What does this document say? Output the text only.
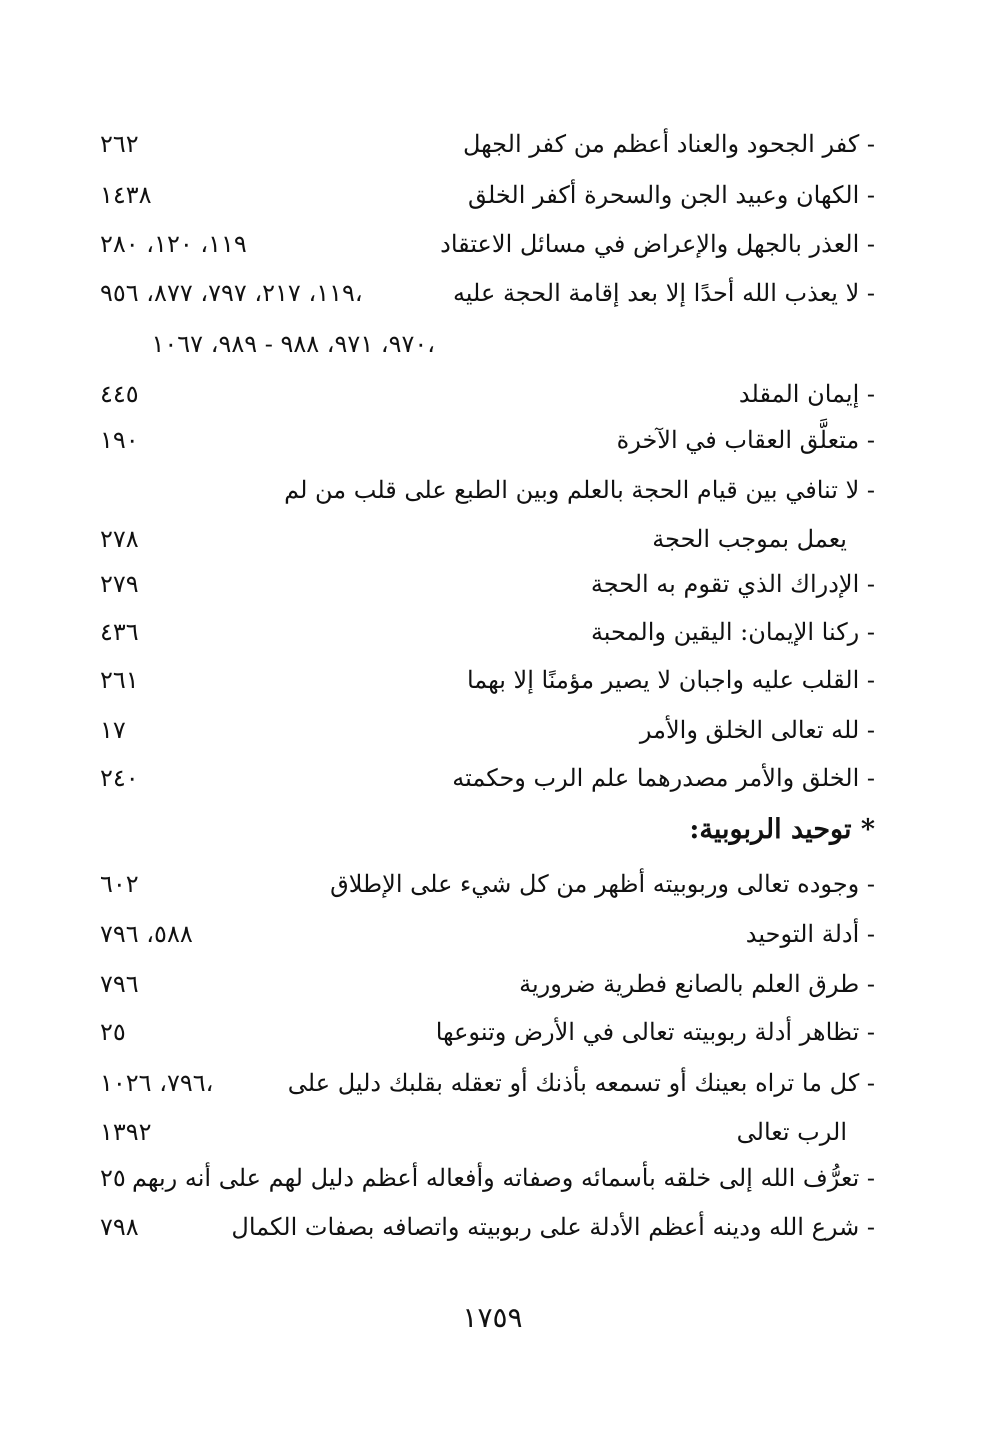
- كفر الجحود والعناد أعظم من كفر الجهل
٢٦٢
- الكهان وعبيد الجن والسحرة أكفر الخلق
١٤٣٨
- العذر بالجهل والإعراض في مسائل الاعتقاد
١١٩، ١٢٠، ٢٨٠
- لا يعذب الله أحدًا إلا بعد إقامة الحجة عليه
١١٩، ٢١٧، ٧٩٧، ٨٧٧، ٩٥٦،
٩٧٠، ٩٧١، ٩٨٨ - ٩٨٩، ١٠٦٧،
- إيمان المقلد
٤٤٥
- متعلَّق العقاب في الآخرة
١٩٠
- لا تنافي بين قيام الحجة بالعلم وبين الطبع على قلب من لم
يعمل بموجب الحجة
٢٧٨
- الإدراك الذي تقوم به الحجة
٢٧٩
- ركنا الإيمان: اليقين والمحبة
٤٣٦
- القلب عليه واجبان لا يصير مؤمنًا إلا بهما
٢٦١
- لله تعالى الخلق والأمر
١٧
- الخلق والأمر مصدرهما علم الرب وحكمته
٢٤٠
* توحيد الربوبية:
- وجوده تعالى وربوبيته أظهر من كل شيء على الإطلاق
٦٠٢
- أدلة التوحيد
٥٨٨، ٧٩٦
- طرق العلم بالصانع فطرية ضرورية
٧٩٦
- تظاهر أدلة ربوبيته تعالى في الأرض وتنوعها
٢٥
- كل ما تراه بعينك أو تسمعه بأذنك أو تعقله بقلبك دليل على
٧٩٦، ١٠٢٦،
الرب تعالى
١٣٩٢
- تعرُّف الله إلى خلقه بأسمائه وصفاته وأفعاله أعظم دليل لهم على أنه ربهم
٢٥
- شرع الله ودينه أعظم الأدلة على ربوبيته واتصافه بصفات الكمال
٧٩٨
١٧٥٩
